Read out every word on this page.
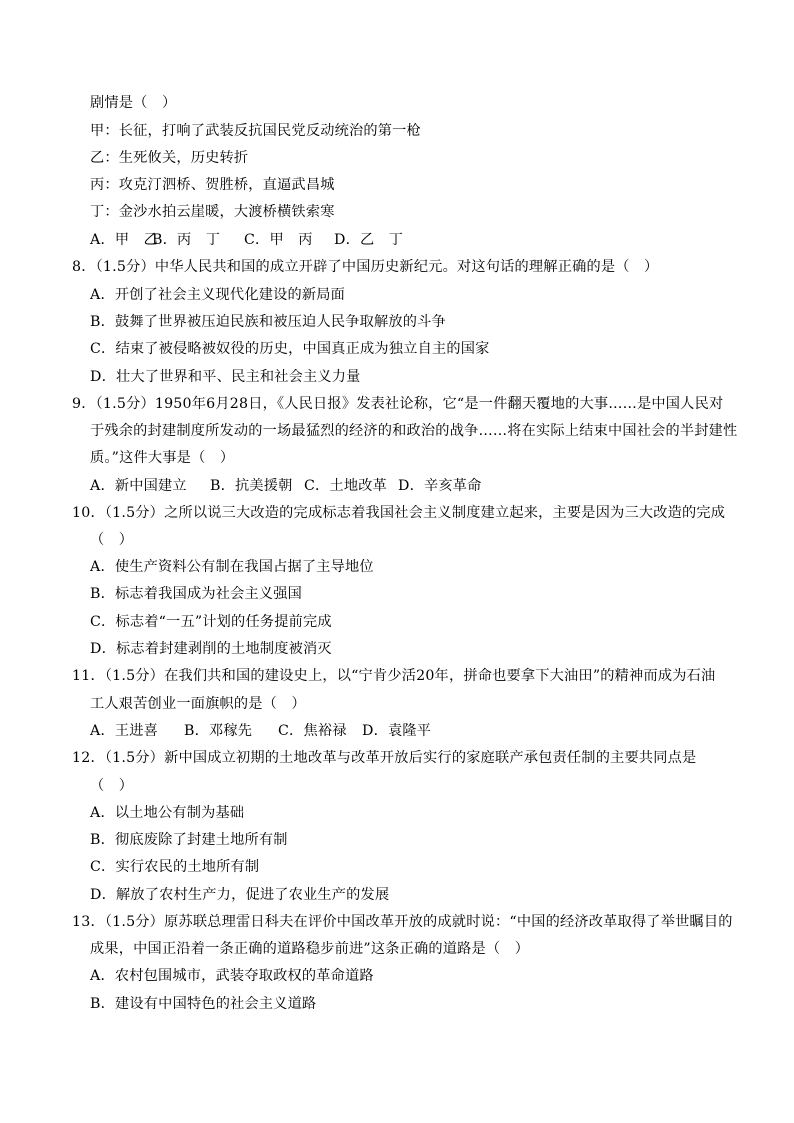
剧情是（　）
甲：长征，打响了武装反抗国民党反动统治的第一枪
乙：生死攸关，历史转折
丙：攻克汀泗桥、贺胜桥，直逼武昌城
丁：金沙水拍云崖暖，大渡桥横铁索寒
A．甲　乙B．丙　丁 C．甲　丙 D．乙　丁
8．（1.5分）中华人民共和国的成立开辟了中国历史新纪元。对这句话的理解正确的是（　）
A．开创了社会主义现代化建设的新局面
B．鼓舞了世界被压迫民族和被压迫人民争取解放的斗争
C．结束了被侵略被奴役的历史，中国真正成为独立自主的国家
D．壮大了世界和平、民主和社会主义力量
9．（1.5分）1950年6月28日，《人民日报》发表社论称，它“是一件翻天覆地的大事……是中国人民对
于残余的封建制度所发动的一场最猛烈的经济的和政治的战争……将在实际上结束中国社会的半封建性
质。”这件大事是（　）
A．新中国建立 B．抗美援朝 C．土地改革 D．辛亥革命
10．（1.5分）之所以说三大改造的完成标志着我国社会主义制度建立起来，主要是因为三大改造的完成
（　）
A．使生产资料公有制在我国占据了主导地位
B．标志着我国成为社会主义强国
C．标志着“一五”计划的任务提前完成
D．标志着封建剥削的土地制度被消灭
11．（1.5分）在我们共和国的建设史上，以“宁肯少活20年，拼命也要拿下大油田”的精神而成为石油
工人艰苦创业一面旗帜的是（　）
A．王进喜 B．邓稼先 C．焦裕禄 D．袁隆平
12．（1.5分）新中国成立初期的土地改革与改革开放后实行的家庭联产承包责任制的主要共同点是
（　）
A．以土地公有制为基础
B．彻底废除了封建土地所有制
C．实行农民的土地所有制
D．解放了农村生产力，促进了农业生产的发展
13．（1.5分）原苏联总理雷日科夫在评价中国改革开放的成就时说：“中国的经济改革取得了举世瞩目的
成果，中国正沿着一条正确的道路稳步前进”这条正确的道路是（　）
A．农村包围城市，武装夺取政权的革命道路
B．建设有中国特色的社会主义道路
